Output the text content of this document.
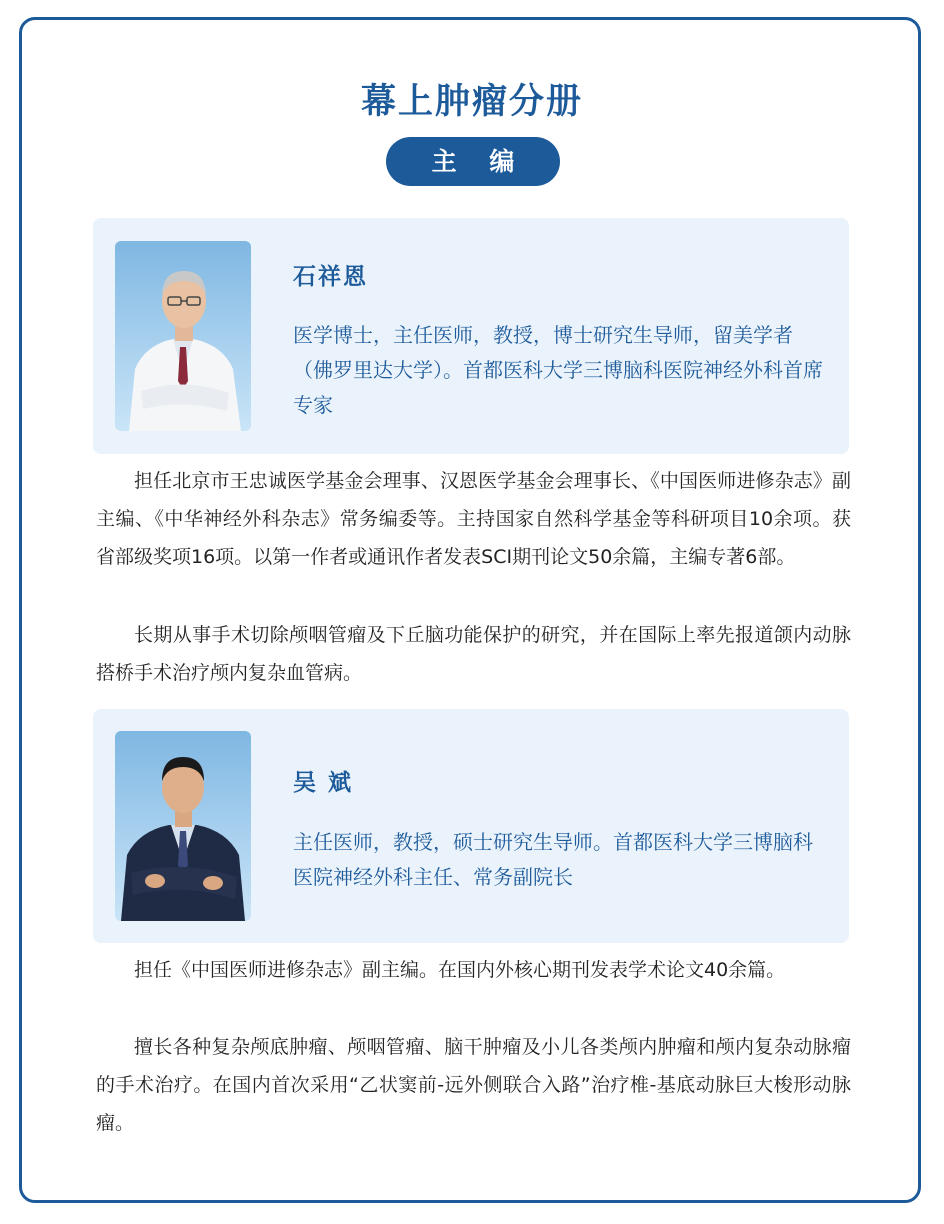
幕上肿瘤分册
主 编
石祥恩
医学博士，主任医师，教授，博士研究生导师，留美学者（佛罗里达大学）。首都医科大学三博脑科医院神经外科首席专家
担任北京市王忠诚医学基金会理事、汉恩医学基金会理事长、《中国医师进修杂志》副主编、《中华神经外科杂志》常务编委等。主持国家自然科学基金等科研项目10余项。获省部级奖项16项。以第一作者或通讯作者发表SCI期刊论文50余篇，主编专著6部。
长期从事手术切除颅咽管瘤及下丘脑功能保护的研究，并在国际上率先报道颌内动脉搭桥手术治疗颅内复杂血管病。
吴 斌
主任医师，教授，硕士研究生导师。首都医科大学三博脑科医院神经外科主任、常务副院长
担任《中国医师进修杂志》副主编。在国内外核心期刊发表学术论文40余篇。
擅长各种复杂颅底肿瘤、颅咽管瘤、脑干肿瘤及小儿各类颅内肿瘤和颅内复杂动脉瘤的手术治疗。在国内首次采用“乙状窦前-远外侧联合入路”治疗椎-基底动脉巨大梭形动脉瘤。
